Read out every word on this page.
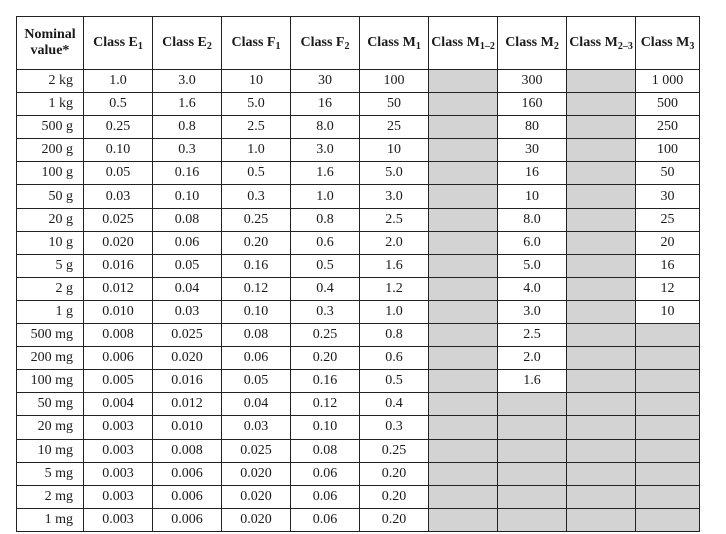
Nominal value*	Class $E_1$	Class $E_2$	Class $F_1$	Class $F_2$	Class $M_1$	Class $M_{1-2}$	Class $M_2$	Class $M_{2-3}$	Class $M_3$
2 kg	1.0	3.0	10	30	100		300		1 000
1 kg	0.5	1.6	5.0	16	50		160		500
500 g	0.25	0.8	2.5	8.0	25		80		250
200 g	0.10	0.3	1.0	3.0	10		30		100
100 g	0.05	0.16	0.5	1.6	5.0		16		50
50 g	0.03	0.10	0.3	1.0	3.0		10		30
20 g	0.025	0.08	0.25	0.8	2.5		8.0		25
10 g	0.020	0.06	0.20	0.6	2.0		6.0		20
5 g	0.016	0.05	0.16	0.5	1.6		5.0		16
2 g	0.012	0.04	0.12	0.4	1.2		4.0		12
1 g	0.010	0.03	0.10	0.3	1.0		3.0		10
500 mg	0.008	0.025	0.08	0.25	0.8		2.5		
200 mg	0.006	0.020	0.06	0.20	0.6		2.0		
100 mg	0.005	0.016	0.05	0.16	0.5		1.6		
50 mg	0.004	0.012	0.04	0.12	0.4				
20 mg	0.003	0.010	0.03	0.10	0.3				
10 mg	0.003	0.008	0.025	0.08	0.25				
5 mg	0.003	0.006	0.020	0.06	0.20				
2 mg	0.003	0.006	0.020	0.06	0.20				
1 mg	0.003	0.006	0.020	0.06	0.20				
